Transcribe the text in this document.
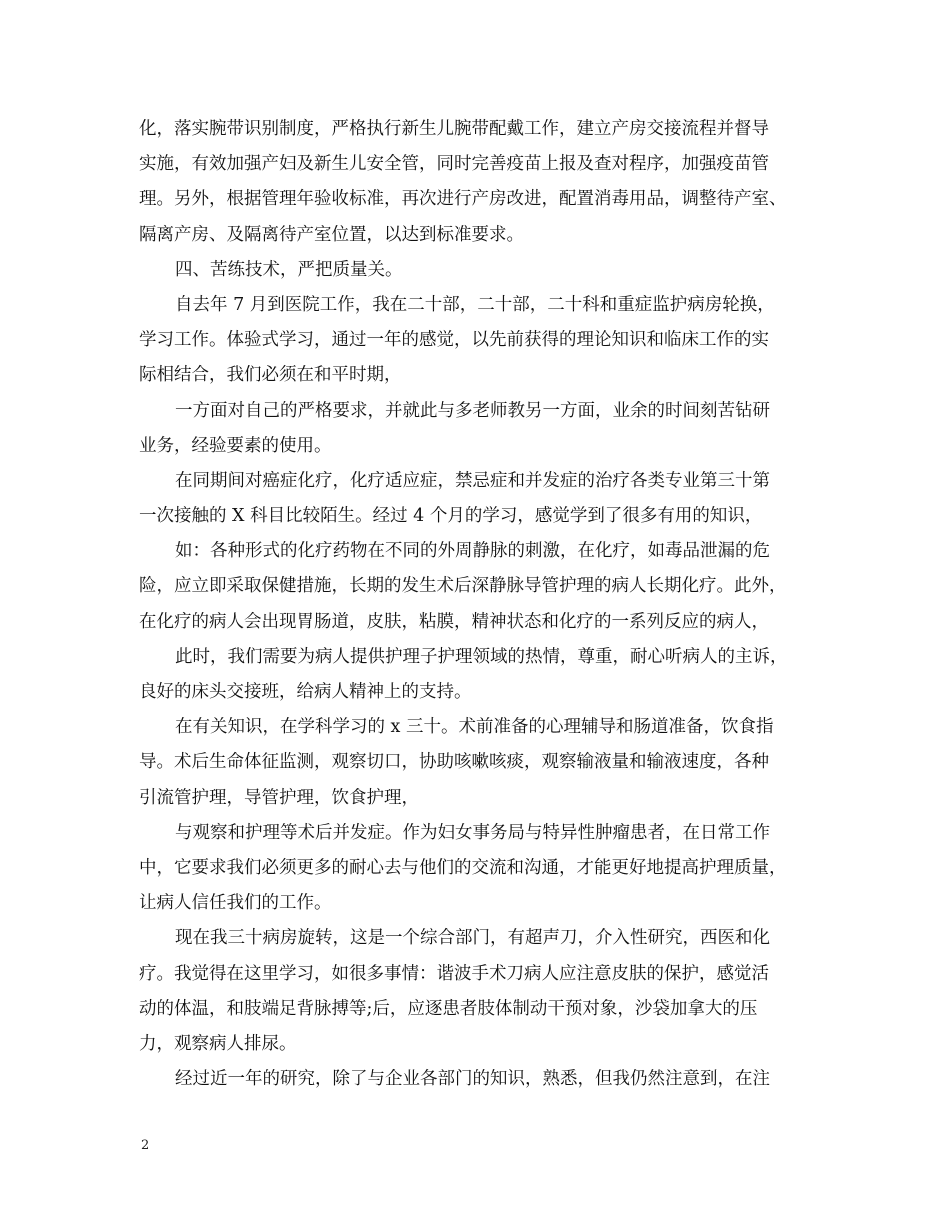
化，落实腕带识别制度，严格执行新生儿腕带配戴工作，建立产房交接流程并督导
实施，有效加强产妇及新生儿安全管，同时完善疫苗上报及查对程序，加强疫苗管
理。另外，根据管理年验收标准，再次进行产房改进，配置消毒用品，调整待产室、
隔离产房、及隔离待产室位置，以达到标准要求。
四、苦练技术，严把质量关。
自去年 7 月到医院工作，我在二十部，二十部，二十科和重症监护病房轮换，
学习工作。体验式学习，通过一年的感觉，以先前获得的理论知识和临床工作的实
际相结合，我们必须在和平时期，
一方面对自己的严格要求，并就此与多老师教另一方面，业余的时间刻苦钻研
业务，经验要素的使用。
在同期间对癌症化疗，化疗适应症，禁忌症和并发症的治疗各类专业第三十第
一次接触的 X 科目比较陌生。经过 4 个月的学习，感觉学到了很多有用的知识，
如：各种形式的化疗药物在不同的外周静脉的刺激，在化疗，如毒品泄漏的危
险，应立即采取保健措施，长期的发生术后深静脉导管护理的病人长期化疗。此外，
在化疗的病人会出现胃肠道，皮肤，粘膜，精神状态和化疗的一系列反应的病人，
此时，我们需要为病人提供护理子护理领域的热情，尊重，耐心听病人的主诉，
良好的床头交接班，给病人精神上的支持。
在有关知识，在学科学习的 x 三十。术前准备的心理辅导和肠道准备，饮食指
导。术后生命体征监测，观察切口，协助咳嗽咳痰，观察输液量和输液速度，各种
引流管护理，导管护理，饮食护理，
与观察和护理等术后并发症。作为妇女事务局与特异性肿瘤患者，在日常工作
中，它要求我们必须更多的耐心去与他们的交流和沟通，才能更好地提高护理质量，
让病人信任我们的工作。
现在我三十病房旋转，这是一个综合部门，有超声刀，介入性研究，西医和化
疗。我觉得在这里学习，如很多事情：谐波手术刀病人应注意皮肤的保护，感觉活
动的体温，和肢端足背脉搏等;后，应逐患者肢体制动干预对象，沙袋加拿大的压
力，观察病人排尿。
经过近一年的研究，除了与企业各部门的知识，熟悉，但我仍然注意到，在注
2
